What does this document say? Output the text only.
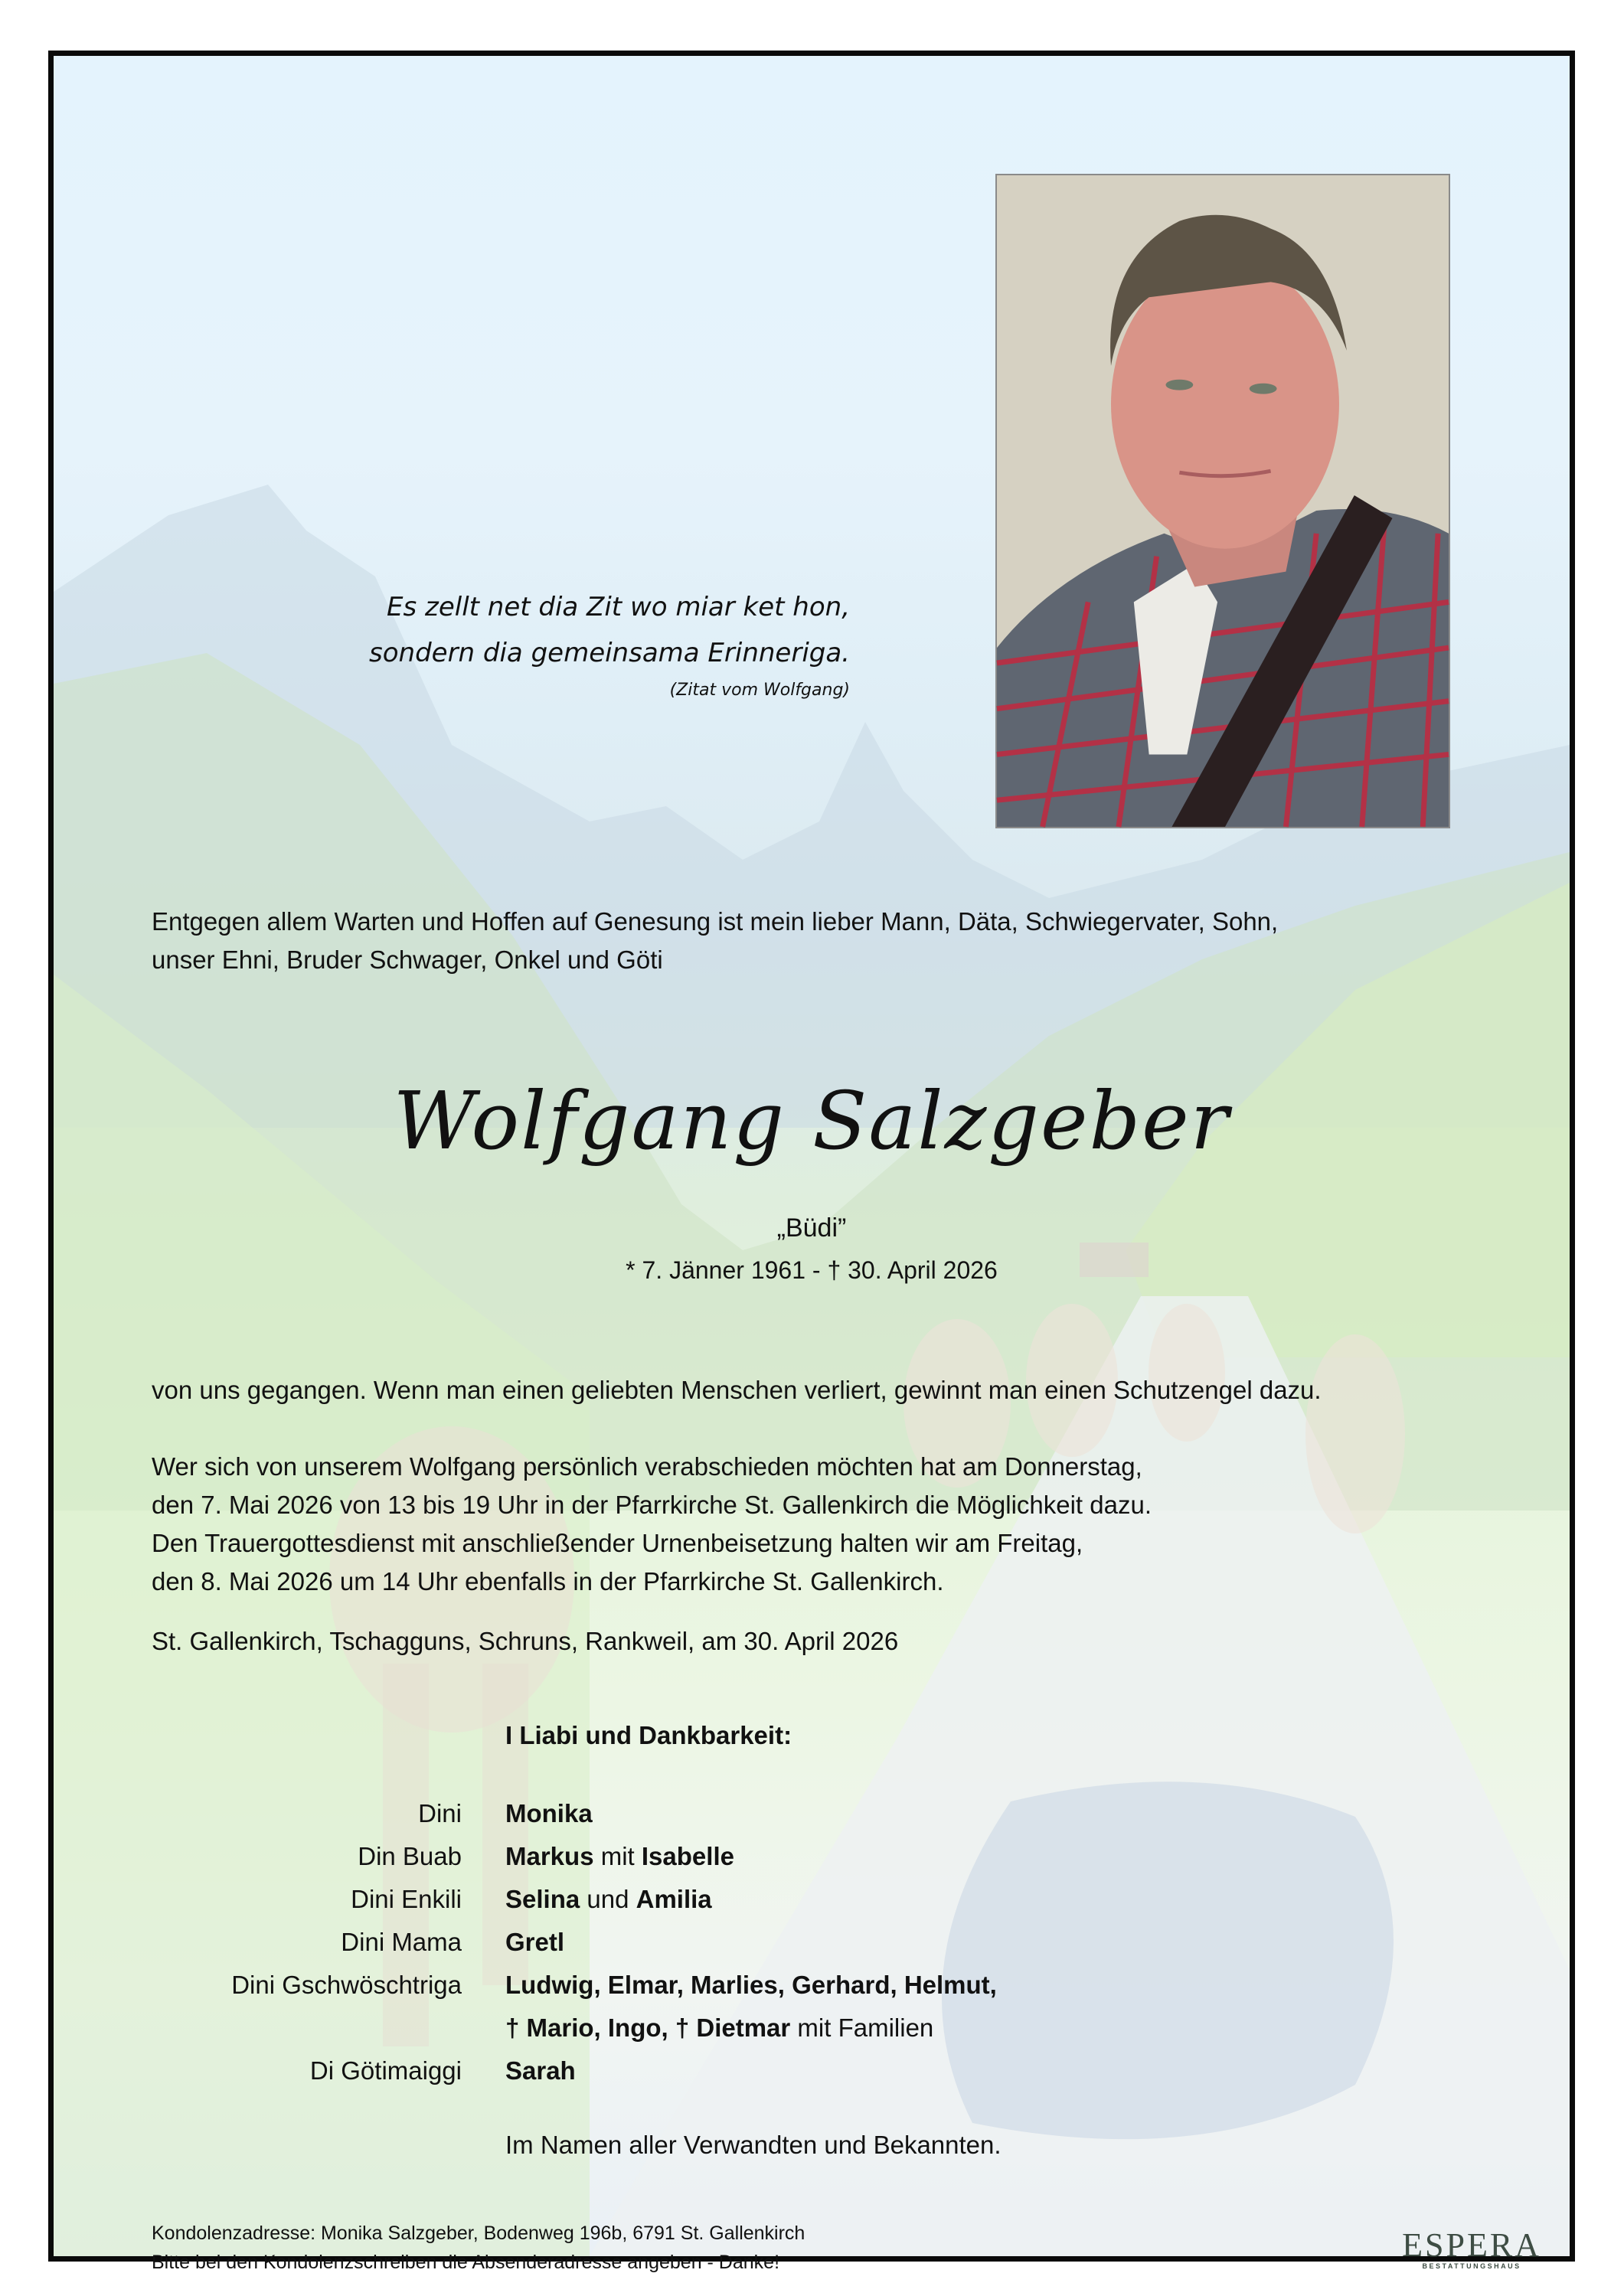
Es zellt net dia Zit wo miar ket hon,
sondern dia gemeinsama Erinneriga.
(Zitat vom Wolfgang)
Entgegen allem Warten und Hoffen auf Genesung ist mein lieber Mann, Däta, Schwiegervater, Sohn,
unser Ehni, Bruder Schwager, Onkel und Göti
Wolfgang Salzgeber
„Büdi”
* 7. Jänner 1961 - † 30. April 2026
von uns gegangen. Wenn man einen geliebten Menschen verliert, gewinnt man einen Schutzengel dazu.
Wer sich von unserem Wolfgang persönlich verabschieden möchten hat am Donnerstag,
den 7. Mai 2026 von 13 bis 19 Uhr in der Pfarrkirche St. Gallenkirch die Möglichkeit dazu.
Den Trauergottesdienst mit anschließender Urnenbeisetzung halten wir am Freitag,
den 8. Mai 2026 um 14 Uhr ebenfalls in der Pfarrkirche St. Gallenkirch.
St. Gallenkirch, Tschagguns, Schruns, Rankweil, am 30. April 2026
I Liabi und Dankbarkeit:
Dini	Monika
Din Buab	Markus mit Isabelle
Dini Enkili	Selina und Amilia
Dini Mama	Gretl
Dini Gschwöschtriga	Ludwig, Elmar, Marlies, Gerhard, Helmut,
† Mario, Ingo, † Dietmar mit Familien
Di Götimaiggi	Sarah
Im Namen aller Verwandten und Bekannten.
Kondolenzadresse: Monika Salzgeber, Bodenweg 196b, 6791 St. Gallenkirch
Bitte bei den Kondolenzschreiben die Absenderadresse angeben - Danke!	ESPERA
BESTATTUNGSHAUS
